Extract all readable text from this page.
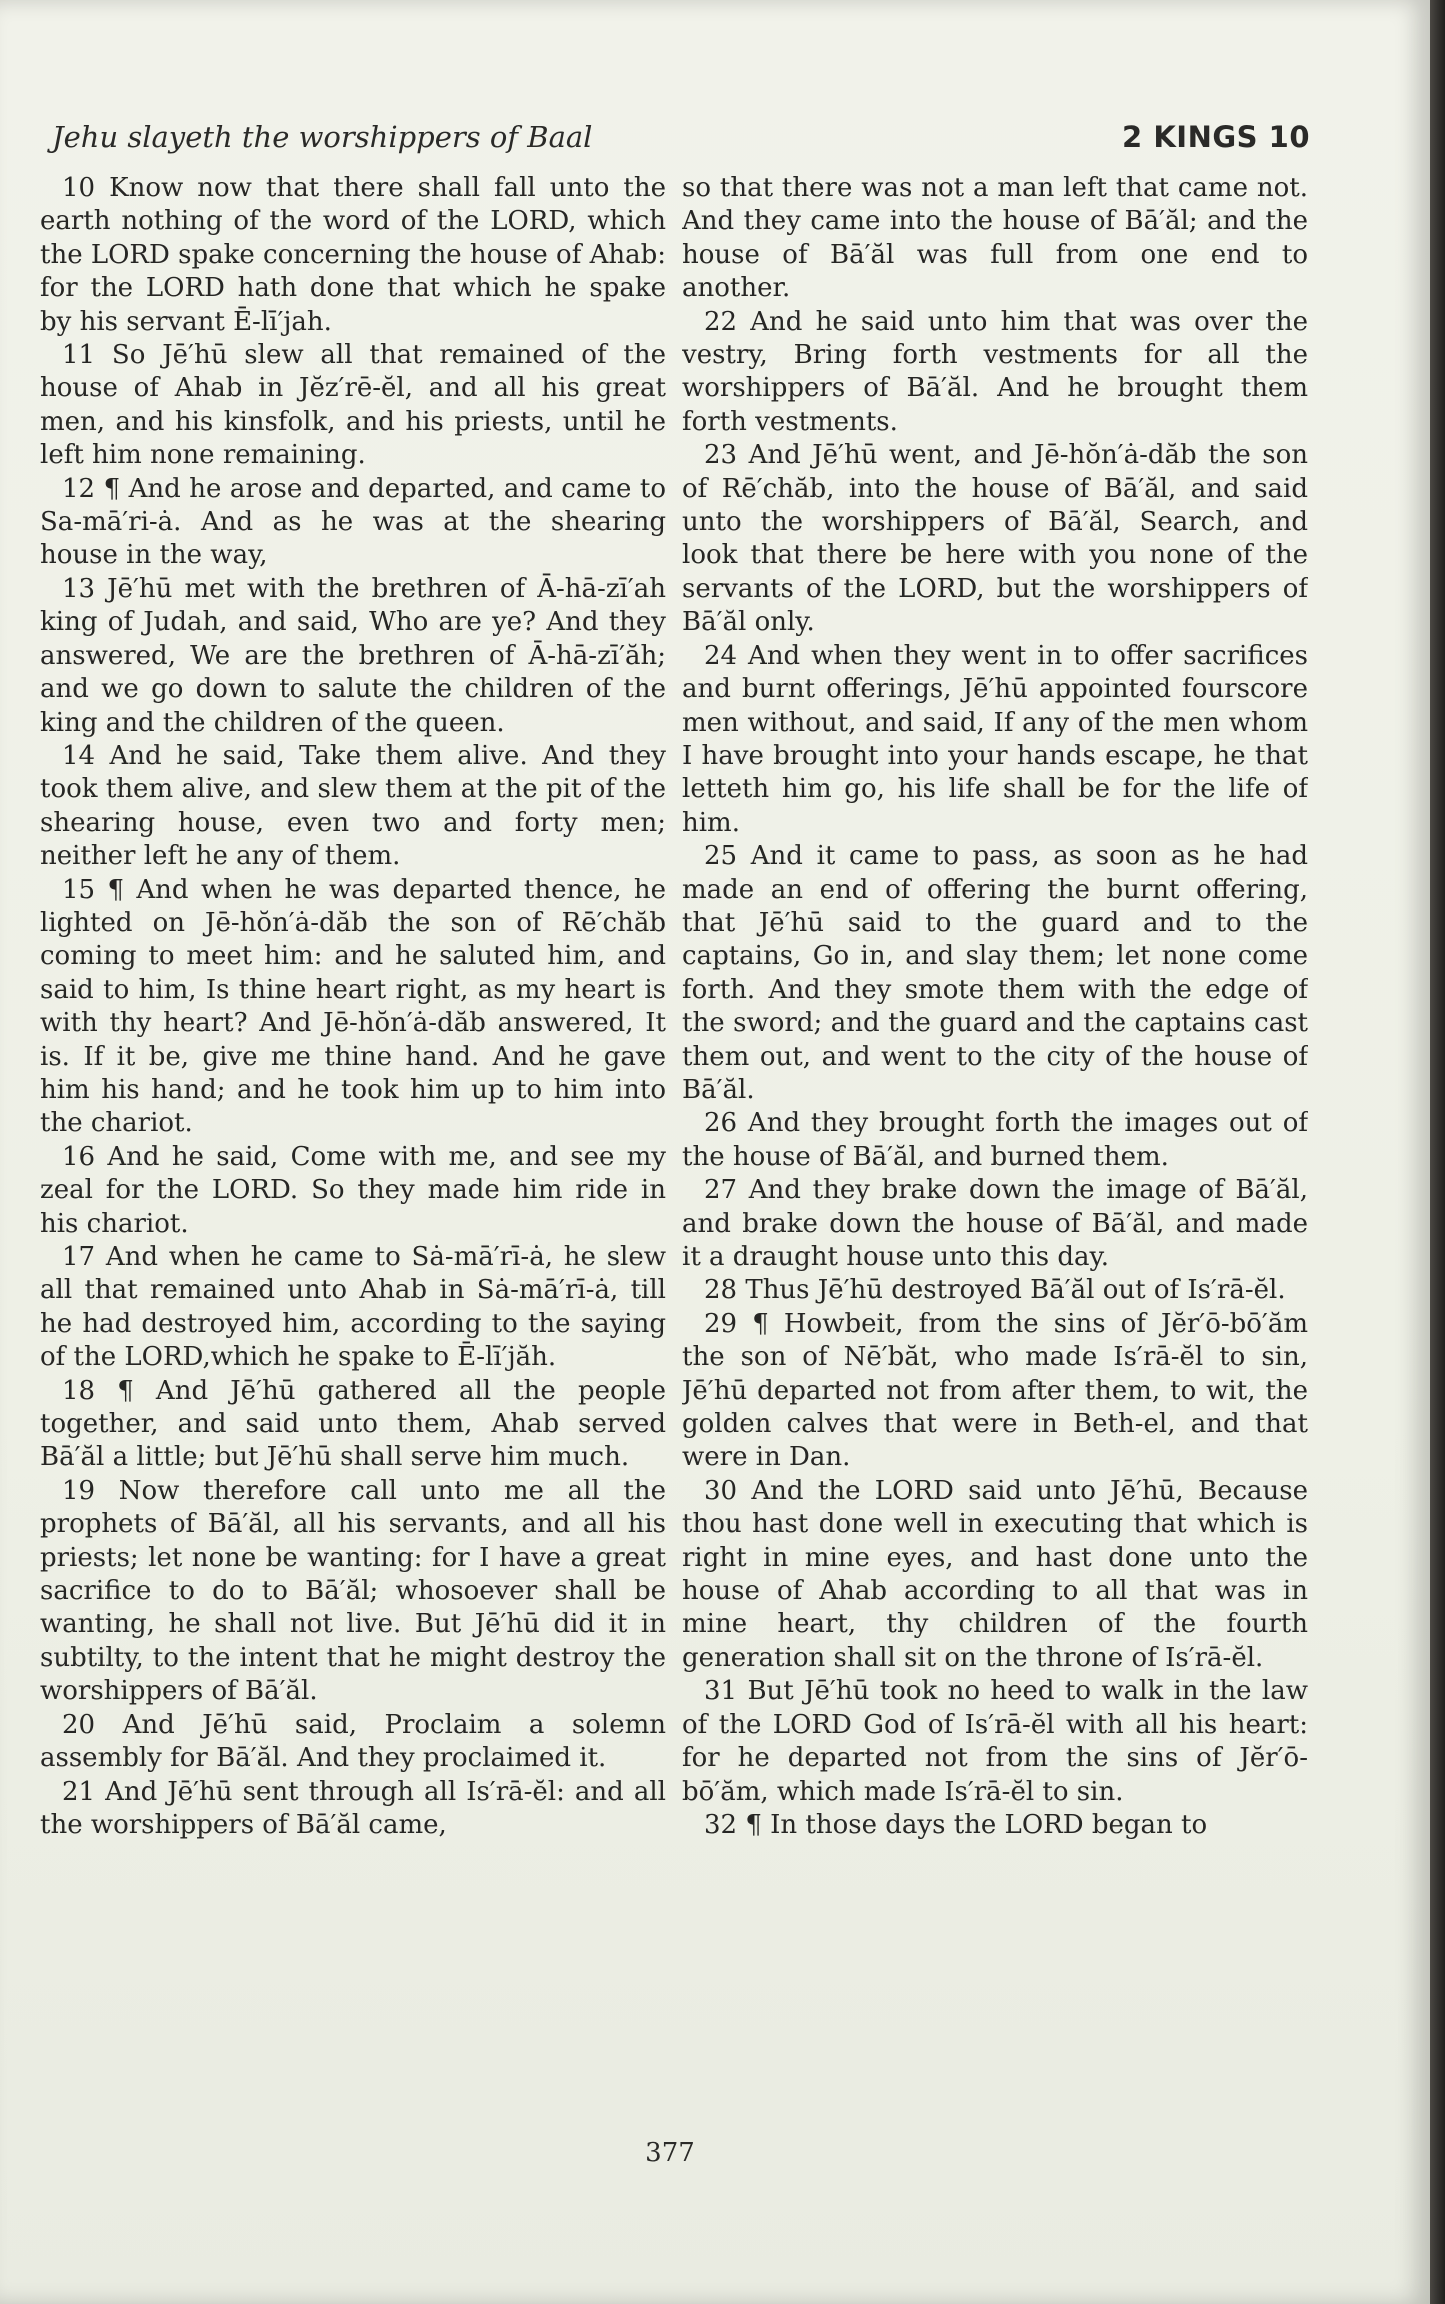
Jehu slayeth the worshippers of Baal	2 KINGS 10

10 Know now that there shall fall unto the earth nothing of the word of the LORD, which the LORD spake concerning the house of Ahab: for the LORD hath done that which he spake by his servant Ē-lī′jah.

11 So Jē′hū slew all that remained of the house of Ahab in Jĕz′rē-ĕl, and all his great men, and his kinsfolk, and his priests, until he left him none remaining.

12 ¶ And he arose and departed, and came to Sa-mā′ri-ȧ. And as he was at the shearing house in the way,

13 Jē′hū met with the brethren of Ā-hā-zī′ah king of Judah, and said, Who are ye? And they answered, We are the brethren of Ā-hā-zī′ăh; and we go down to salute the children of the king and the children of the queen.

14 And he said, Take them alive. And they took them alive, and slew them at the pit of the shearing house, even two and forty men; neither left he any of them.

15 ¶ And when he was departed thence, he lighted on Jē-hŏn′ȧ-dăb the son of Rē′chăb coming to meet him: and he saluted him, and said to him, Is thine heart right, as my heart is with thy heart? And Jē-hŏn′ȧ-dăb answered, It is. If it be, give me thine hand. And he gave him his hand; and he took him up to him into the chariot.

16 And he said, Come with me, and see my zeal for the LORD. So they made him ride in his chariot.

17 And when he came to Sȧ-mā′rī-ȧ, he slew all that remained unto Ahab in Sȧ-mā′rī-ȧ, till he had destroyed him, according to the saying of the LORD,which he spake to Ē-lī′jăh.

18 ¶ And Jē′hū gathered all the people together, and said unto them, Ahab served Bā′ăl a little; but Jē′hū shall serve him much.

19 Now therefore call unto me all the prophets of Bā′ăl, all his servants, and all his priests; let none be wanting: for I have a great sacrifice to do to Bā′ăl; whosoever shall be wanting, he shall not live. But Jē′hū did it in subtilty, to the intent that he might destroy the worshippers of Bā′ăl.

20 And Jē′hū said, Proclaim a solemn assembly for Bā′ăl. And they proclaimed it.

21 And Jē′hū sent through all Is′rā-ĕl: and all the worshippers of Bā′ăl came,

so that there was not a man left that came not. And they came into the house of Bā′ăl; and the house of Bā′ăl was full from one end to another.

22 And he said unto him that was over the vestry, Bring forth vestments for all the worshippers of Bā′ăl. And he brought them forth vestments.

23 And Jē′hū went, and Jē-hŏn′ȧ-dăb the son of Rē′chăb, into the house of Bā′ăl, and said unto the worshippers of Bā′ăl, Search, and look that there be here with you none of the servants of the LORD, but the worshippers of Bā′ăl only.

24 And when they went in to offer sacrifices and burnt offerings, Jē′hū appointed fourscore men without, and said, If any of the men whom I have brought into your hands escape, he that letteth him go, his life shall be for the life of him.

25 And it came to pass, as soon as he had made an end of offering the burnt offering, that Jē′hū said to the guard and to the captains, Go in, and slay them; let none come forth. And they smote them with the edge of the sword; and the guard and the captains cast them out, and went to the city of the house of Bā′ăl.

26 And they brought forth the images out of the house of Bā′ăl, and burned them.

27 And they brake down the image of Bā′ăl, and brake down the house of Bā′ăl, and made it a draught house unto this day.

28 Thus Jē′hū destroyed Bā′ăl out of Is′rā-ĕl.

29 ¶ Howbeit, from the sins of Jĕr′ō-bō′ăm the son of Nē′băt, who made Is′rā-ĕl to sin, Jē′hū departed not from after them, to wit, the golden calves that were in Beth-el, and that were in Dan.

30 And the LORD said unto Jē′hū, Because thou hast done well in executing that which is right in mine eyes, and hast done unto the house of Ahab according to all that was in mine heart, thy children of the fourth generation shall sit on the throne of Is′rā-ĕl.

31 But Jē′hū took no heed to walk in the law of the LORD God of Is′rā-ĕl with all his heart: for he departed not from the sins of Jĕr′ō-bō′ăm, which made Is′rā-ĕl to sin.

32 ¶ In those days the LORD began to

377
